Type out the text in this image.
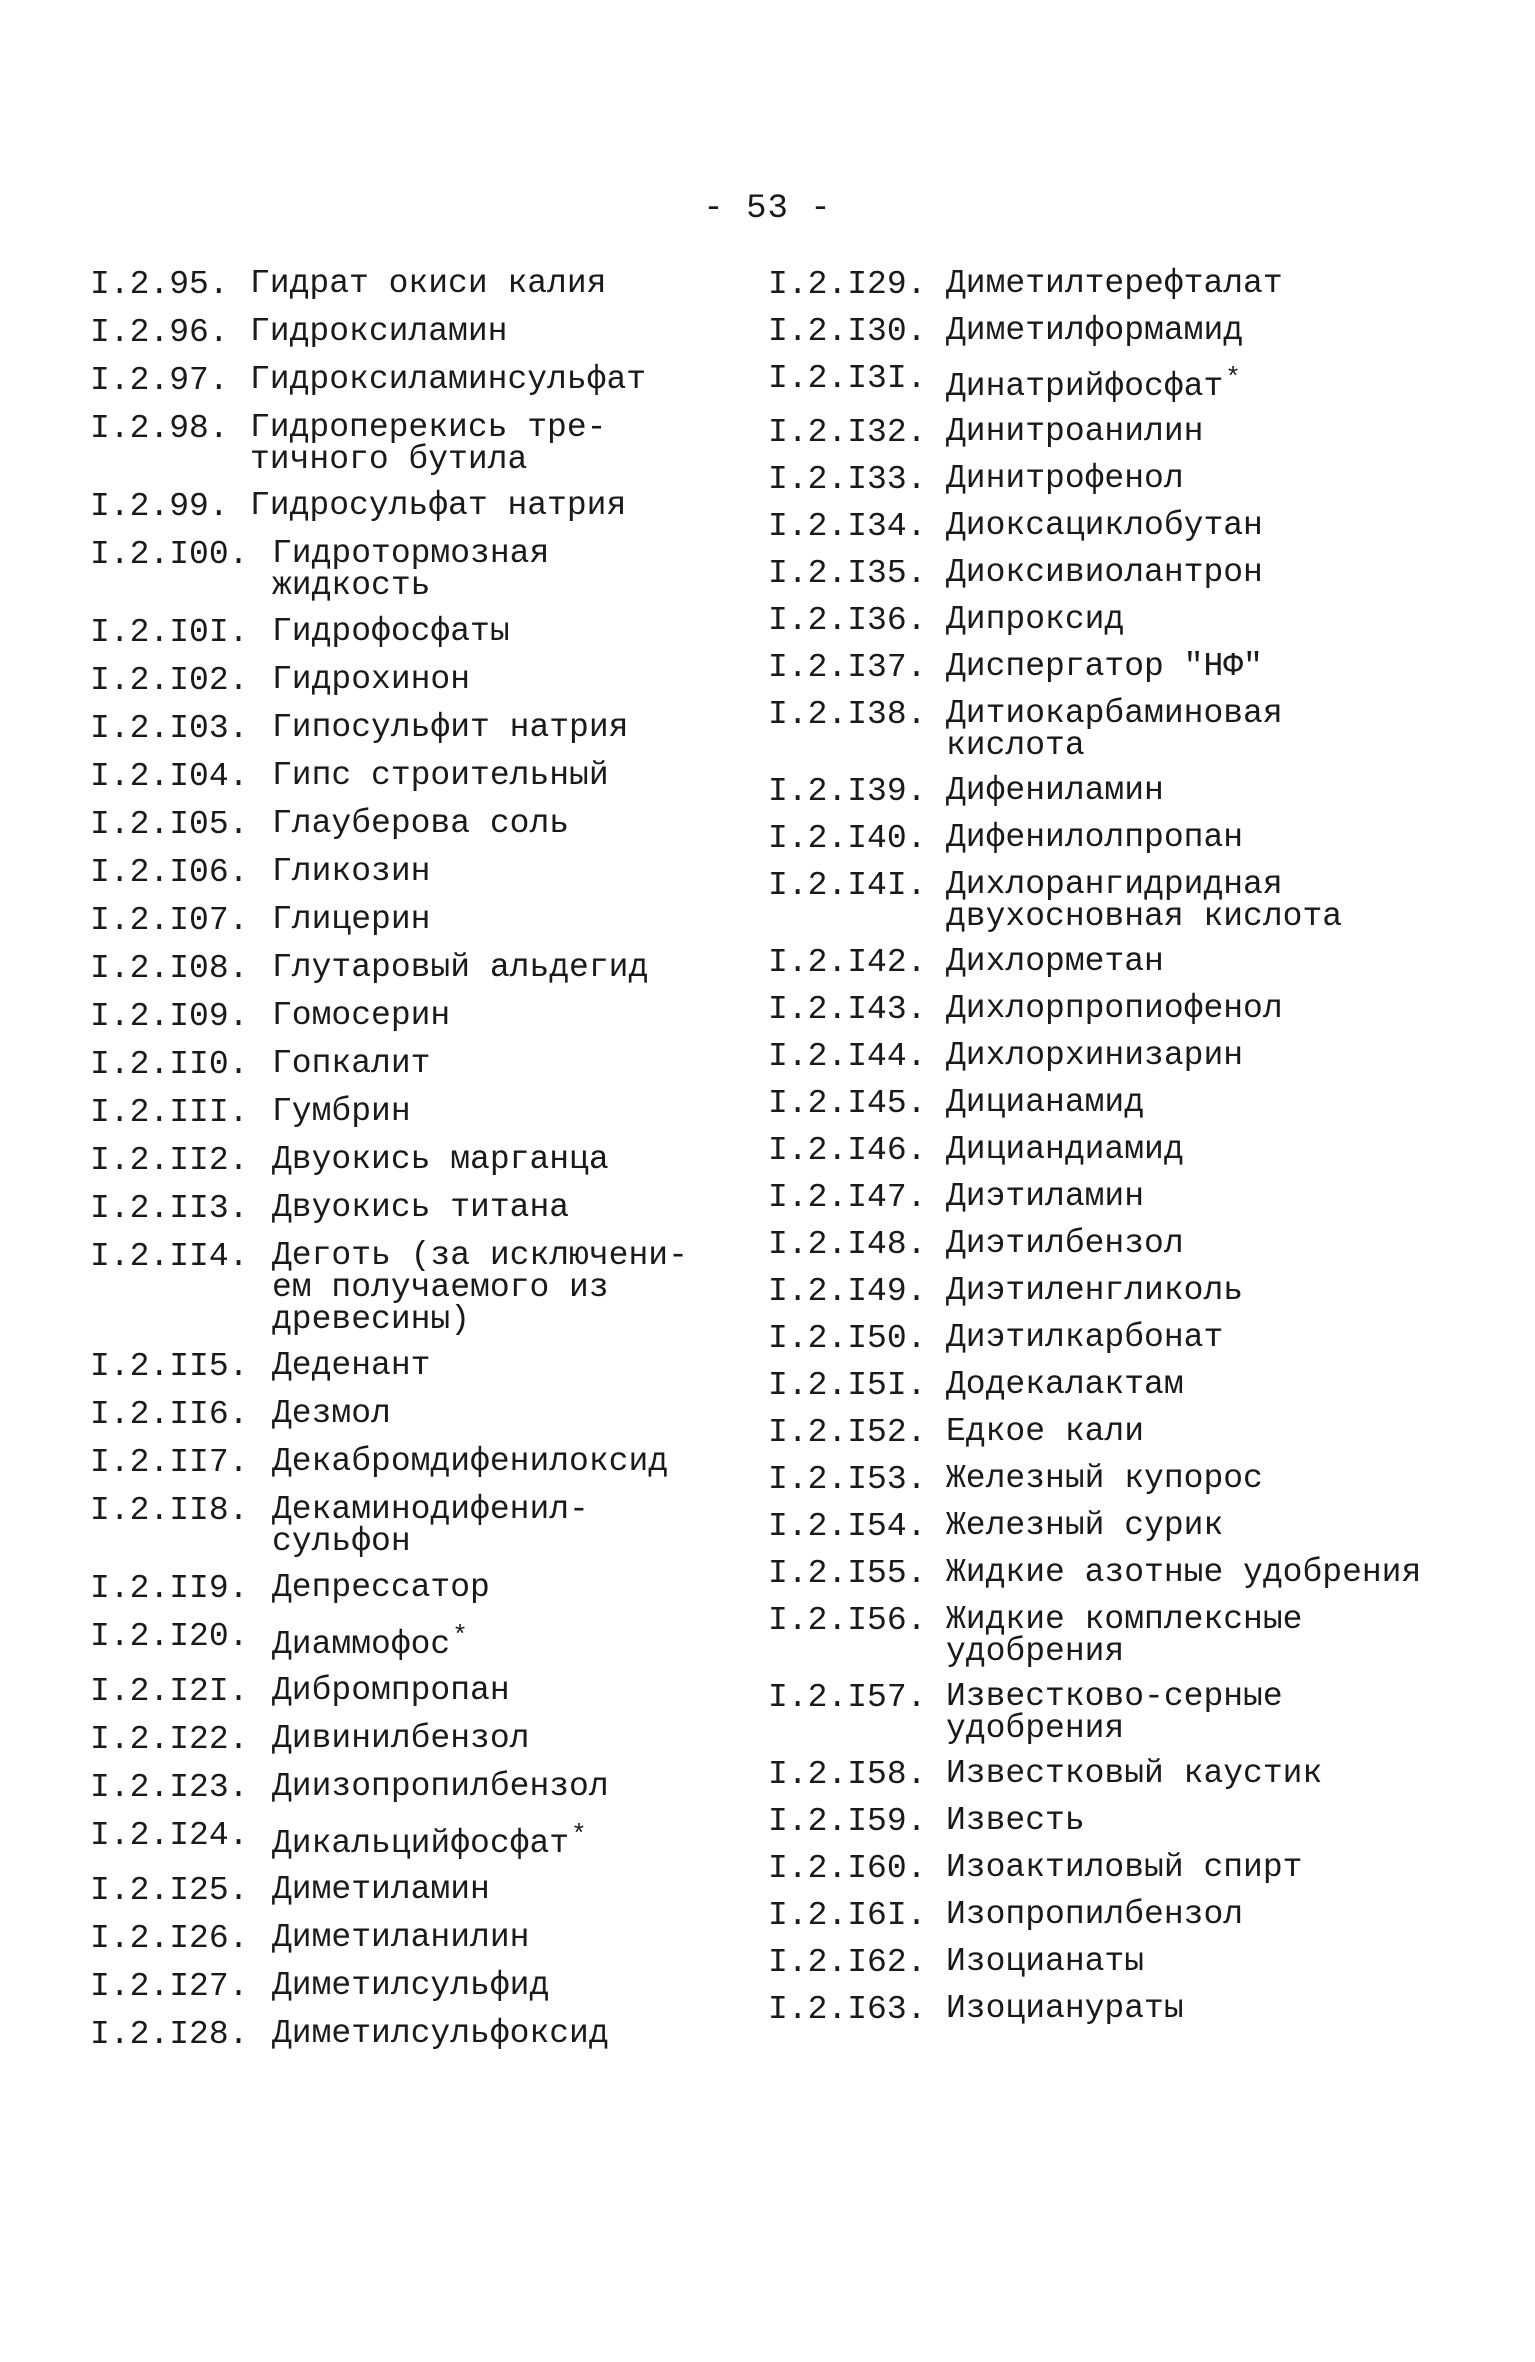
- 53 -
I.2.95. Гидрат окиси калия
I.2.96. Гидроксиламин
I.2.97. Гидроксиламинсульфат
I.2.98. Гидроперекись тре-
тичного бутила
I.2.99. Гидросульфат натрия
I.2.I00. Гидротормозная
жидкость
I.2.I0I. Гидрофосфаты
I.2.I02. Гидрохинон
I.2.I03. Гипосульфит натрия
I.2.I04. Гипс строительный
I.2.I05. Глауберова соль
I.2.I06. Гликозин
I.2.I07. Глицерин
I.2.I08. Глутаровый альдегид
I.2.I09. Гомосерин
I.2.II0. Гопкалит
I.2.III. Гумбрин
I.2.II2. Двуокись марганца
I.2.II3. Двуокись титана
I.2.II4. Деготь (за исключени-
ем получаемого из
древесины)
I.2.II5. Деденант
I.2.II6. Дезмол
I.2.II7. Декабромдифенилоксид
I.2.II8. Декаминодифенил-
сульфон
I.2.II9. Депрессатор
I.2.I20. Диаммофос*
I.2.I2I. Дибромпропан
I.2.I22. Дивинилбензол
I.2.I23. Диизопропилбензол
I.2.I24. Дикальцийфосфат*
I.2.I25. Диметиламин
I.2.I26. Диметиланилин
I.2.I27. Диметилсульфид
I.2.I28. Диметилсульфоксид
I.2.I29. Диметилтерефталат
I.2.I30. Диметилформамид
I.2.I3I. Динатрийфосфат*
I.2.I32. Динитроанилин
I.2.I33. Динитрофенол
I.2.I34. Диоксациклобутан
I.2.I35. Диоксивиолантрон
I.2.I36. Дипроксид
I.2.I37. Диспергатор "НФ"
I.2.I38. Дитиокарбаминовая
кислота
I.2.I39. Дифениламин
I.2.I40. Дифенилолпропан
I.2.I4I. Дихлорангидридная
двухосновная кислота
I.2.I42. Дихлорметан
I.2.I43. Дихлорпропиофенол
I.2.I44. Дихлорхинизарин
I.2.I45. Дицианамид
I.2.I46. Дициандиамид
I.2.I47. Диэтиламин
I.2.I48. Диэтилбензол
I.2.I49. Диэтиленгликоль
I.2.I50. Диэтилкарбонат
I.2.I5I. Додекалактам
I.2.I52. Едкое кали
I.2.I53. Железный купорос
I.2.I54. Железный сурик
I.2.I55. Жидкие азотные удобрения
I.2.I56. Жидкие комплексные
удобрения
I.2.I57. Известково-серные
удобрения
I.2.I58. Известковый каустик
I.2.I59. Известь
I.2.I60. Изоактиловый спирт
I.2.I6I. Изопропилбензол
I.2.I62. Изоцианаты
I.2.I63. Изоцианураты
